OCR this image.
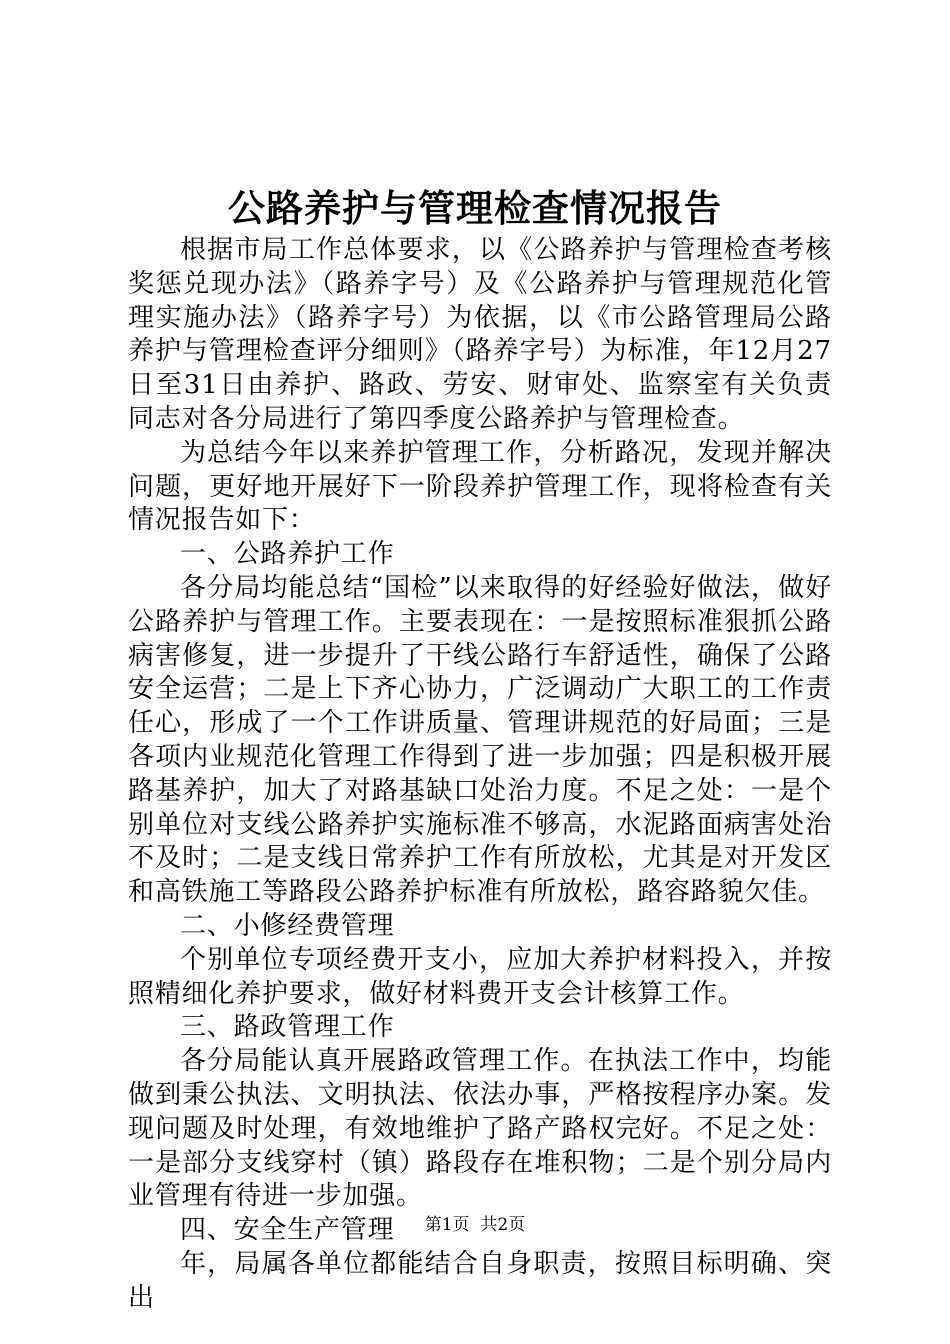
公路养护与管理检查情况报告

根据市局工作总体要求，以《公路养护与管理检查考核奖惩兑现办法》（路养字号）及《公路养护与管理规范化管理实施办法》（路养字号）为依据，以《市公路管理局公路养护与管理检查评分细则》（路养字号）为标准，年12月27日至31日由养护、路政、劳安、财审处、监察室有关负责同志对各分局进行了第四季度公路养护与管理检查。

为总结今年以来养护管理工作，分析路况，发现并解决问题，更好地开展好下一阶段养护管理工作，现将检查有关情况报告如下：

一、公路养护工作

各分局均能总结“国检”以来取得的好经验好做法，做好公路养护与管理工作。主要表现在：一是按照标准狠抓公路病害修复，进一步提升了干线公路行车舒适性，确保了公路安全运营；二是上下齐心协力，广泛调动广大职工的工作责任心，形成了一个工作讲质量、管理讲规范的好局面；三是各项内业规范化管理工作得到了进一步加强；四是积极开展路基养护，加大了对路基缺口处治力度。不足之处：一是个别单位对支线公路养护实施标准不够高，水泥路面病害处治不及时；二是支线日常养护工作有所放松，尤其是对开发区和高铁施工等路段公路养护标准有所放松，路容路貌欠佳。

二、小修经费管理

个别单位专项经费开支小，应加大养护材料投入，并按照精细化养护要求，做好材料费开支会计核算工作。

三、路政管理工作

各分局能认真开展路政管理工作。在执法工作中，均能做到秉公执法、文明执法、依法办事，严格按程序办案。发现问题及时处理，有效地维护了路产路权完好。不足之处：一是部分支线穿村（镇）路段存在堆积物；二是个别分局内业管理有待进一步加强。

四、安全生产管理

年，局属各单位都能结合自身职责，按照目标明确、突出

第1页 共2页
